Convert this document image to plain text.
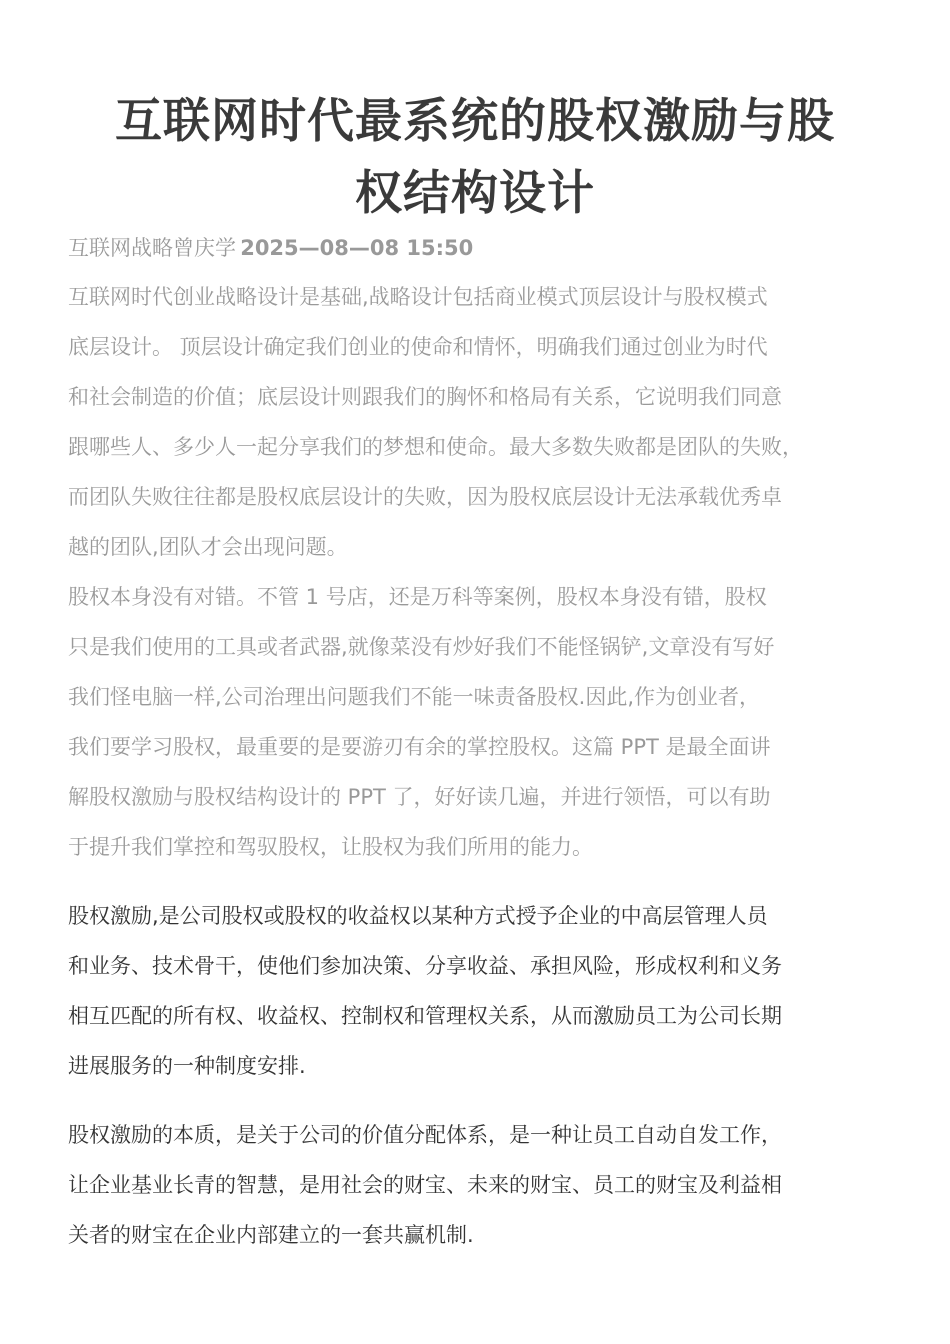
互联网时代最系统的股权激励与股
权结构设计
互联网战略曾庆学  2025—08—08 15:50

互联网时代创业战略设计是基础,战略设计包括商业模式顶层设计与股权模式
底层设计。 顶层设计确定我们创业的使命和情怀，明确我们通过创业为时代
和社会制造的价值；底层设计则跟我们的胸怀和格局有关系，它说明我们同意
跟哪些人、多少人一起分享我们的梦想和使命。最大多数失败都是团队的失败，
而团队失败往往都是股权底层设计的失败，因为股权底层设计无法承载优秀卓
越的团队,团队才会出现问题。

股权本身没有对错。不管 1 号店，还是万科等案例，股权本身没有错，股权
只是我们使用的工具或者武器,就像菜没有炒好我们不能怪锅铲,文章没有写好
我们怪电脑一样,公司治理出问题我们不能一味责备股权.因此,作为创业者，
我们要学习股权，最重要的是要游刃有余的掌控股权。这篇 PPT 是最全面讲
解股权激励与股权结构设计的 PPT 了，好好读几遍，并进行领悟，可以有助
于提升我们掌控和驾驭股权，让股权为我们所用的能力。

股权激励,是公司股权或股权的收益权以某种方式授予企业的中高层管理人员
和业务、技术骨干，使他们参加决策、分享收益、承担风险，形成权利和义务
相互匹配的所有权、收益权、控制权和管理权关系，从而激励员工为公司长期
进展服务的一种制度安排.

股权激励的本质，是关于公司的价值分配体系，是一种让员工自动自发工作，
让企业基业长青的智慧，是用社会的财宝、未来的财宝、员工的财宝及利益相
关者的财宝在企业内部建立的一套共赢机制.
